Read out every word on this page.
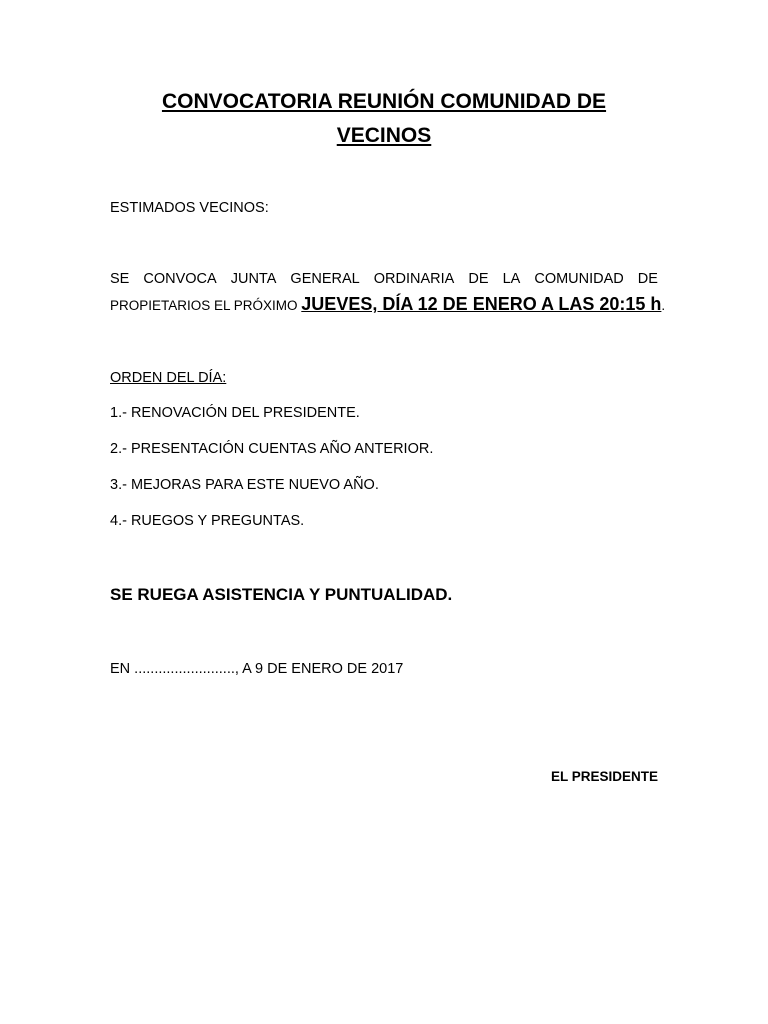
CONVOCATORIA REUNIÓN COMUNIDAD DE
VECINOS
ESTIMADOS VECINOS:
SE CONVOCA JUNTA GENERAL ORDINARIA DE LA COMUNIDAD DE
PROPIETARIOS EL PRÓXIMO JUEVES, DÍA 12 DE ENERO A LAS 20:15 h.
ORDEN DEL DÍA:
1.- RENOVACIÓN DEL PRESIDENTE.
2.- PRESENTACIÓN CUENTAS AÑO ANTERIOR.
3.- MEJORAS PARA ESTE NUEVO AÑO.
4.- RUEGOS Y PREGUNTAS.
SE RUEGA ASISTENCIA Y PUNTUALIDAD.
EN ........................., A 9 DE ENERO DE 2017
EL PRESIDENTE
